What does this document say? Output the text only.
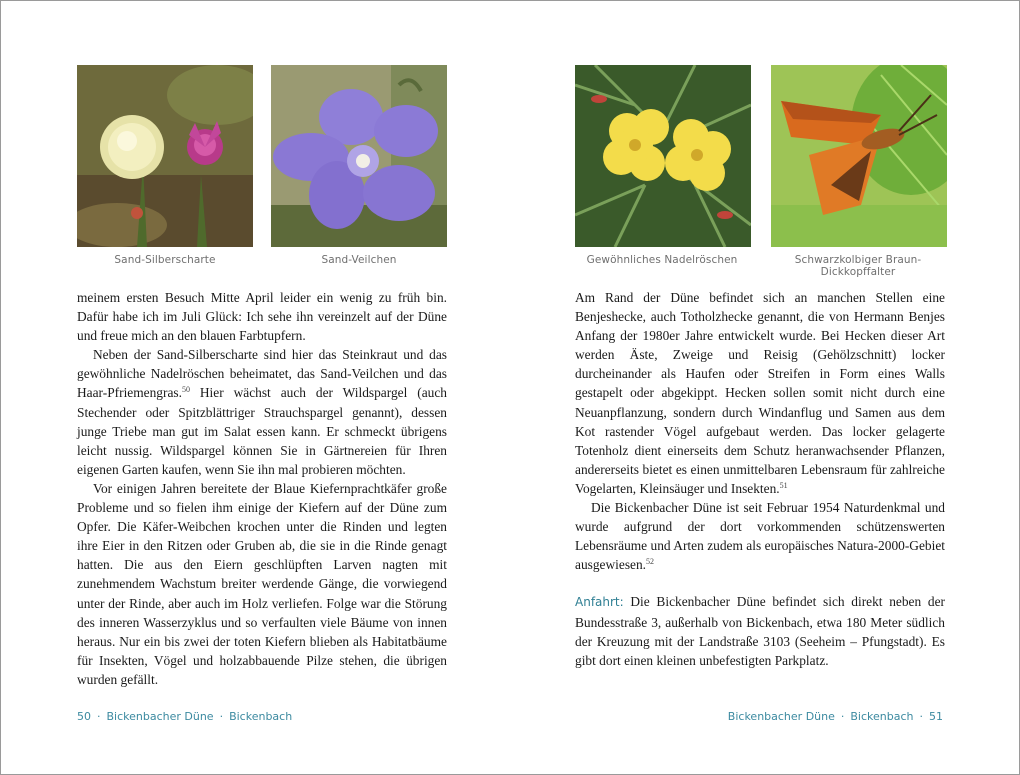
Sand-Silberscharte	Sand-Veilchen	Gewöhnliches Nadelröschen	Schwarzkolbiger Braun-Dickkopffalter

meinem ersten Besuch Mitte April leider ein wenig zu früh bin. Dafür habe ich im Juli Glück: Ich sehe ihn vereinzelt auf der Düne und freue mich an den blauen Farbtupfern.

Neben der Sand-Silberscharte sind hier das Steinkraut und das gewöhnliche Nadelröschen beheimatet, das Sand-Veilchen und das Haar-Pfriemengras.$^{50}$ Hier wächst auch der Wildspargel (auch Stechender oder Spitzblättriger Strauchspargel genannt), dessen junge Triebe man gut im Salat essen kann. Er schmeckt übrigens leicht nussig. Wildspargel können Sie in Gärtnereien für Ihren eigenen Garten kaufen, wenn Sie ihn mal probieren möchten.

Vor einigen Jahren bereitete der Blaue Kiefernprachtkäfer große Probleme und so fielen ihm einige der Kiefern auf der Düne zum Opfer. Die Käfer-Weibchen krochen unter die Rinden und legten ihre Eier in den Ritzen oder Gruben ab, die sie in die Rinde genagt hatten. Die aus den Eiern geschlüpften Larven nagten mit zunehmendem Wachstum breiter werdende Gänge, die vorwiegend unter der Rinde, aber auch im Holz verliefen. Folge war die Störung des inneren Wasserzyklus und so verfaulten viele Bäume von innen heraus. Nur ein bis zwei der toten Kiefern blieben als Habitatbäume für Insekten, Vögel und holzabbauende Pilze stehen, die übrigen wurden gefällt.

Am Rand der Düne befindet sich an manchen Stellen eine Benjeshecke, auch Totholzhecke genannt, die von Hermann Benjes Anfang der 1980er Jahre entwickelt wurde. Bei Hecken dieser Art werden Äste, Zweige und Reisig (Gehölzschnitt) locker durcheinander als Haufen oder Streifen in Form eines Walls gestapelt oder abgekippt. Hecken sollen somit nicht durch eine Neuanpflanzung, sondern durch Windanflug und Samen aus dem Kot rastender Vögel aufgebaut werden. Das locker gelagerte Totenholz dient einerseits dem Schutz heranwachsender Pflanzen, andererseits bietet es einen unmittelbaren Lebensraum für zahlreiche Vogelarten, Kleinsäuger und Insekten.$^{51}$

Die Bickenbacher Düne ist seit Februar 1954 Naturdenkmal und wurde aufgrund der dort vorkommenden schützenswerten Lebensräume und Arten zudem als europäisches Natura-2000-Gebiet ausgewiesen.$^{52}$

Anfahrt: Die Bickenbacher Düne befindet sich direkt neben der Bundesstraße 3, außerhalb von Bickenbach, etwa 180 Meter südlich der Kreuzung mit der Landstraße 3103 (Seeheim – Pfungstadt). Es gibt dort einen kleinen unbefestigten Parkplatz.

50 · Bickenbacher Düne · Bickenbach	Bickenbacher Düne · Bickenbach · 51
